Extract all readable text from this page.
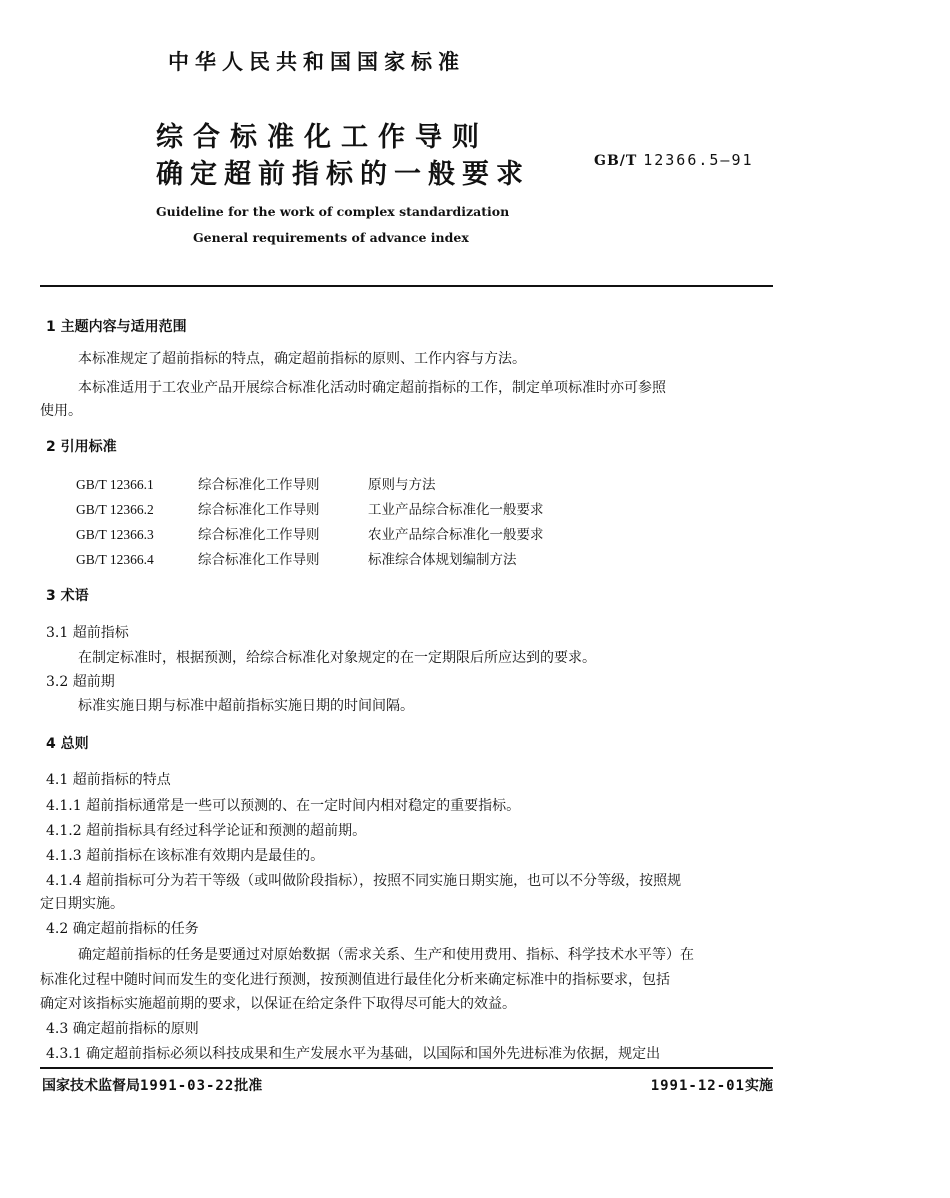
中华人民共和国国家标准
综合标准化工作导则
确定超前指标的一般要求	GB/T 12366.5—91
Guideline for the work of complex standardization
General requirements of advance index
1 主题内容与适用范围
本标准规定了超前指标的特点，确定超前指标的原则、工作内容与方法。
本标准适用于工农业产品开展综合标准化活动时确定超前指标的工作，制定单项标准时亦可参照
使用。
2 引用标准
GB/T 12366.1	综合标准化工作导则	原则与方法
GB/T 12366.2	综合标准化工作导则	工业产品综合标准化一般要求
GB/T 12366.3	综合标准化工作导则	农业产品综合标准化一般要求
GB/T 12366.4	综合标准化工作导则	标准综合体规划编制方法
3 术语
3.1 超前指标
在制定标准时，根据预测，给综合标准化对象规定的在一定期限后所应达到的要求。
3.2 超前期
标准实施日期与标准中超前指标实施日期的时间间隔。
4 总则
4.1 超前指标的特点
4.1.1 超前指标通常是一些可以预测的、在一定时间内相对稳定的重要指标。
4.1.2 超前指标具有经过科学论证和预测的超前期。
4.1.3 超前指标在该标准有效期内是最佳的。
4.1.4 超前指标可分为若干等级（或叫做阶段指标），按照不同实施日期实施，也可以不分等级，按照规
定日期实施。
4.2 确定超前指标的任务
确定超前指标的任务是要通过对原始数据（需求关系、生产和使用费用、指标、科学技术水平等）在
标准化过程中随时间而发生的变化进行预测，按预测值进行最佳化分析来确定标准中的指标要求，包括
确定对该指标实施超前期的要求，以保证在给定条件下取得尽可能大的效益。
4.3 确定超前指标的原则
4.3.1 确定超前指标必须以科技成果和生产发展水平为基础，以国际和国外先进标准为依据，规定出
国家技术监督局1991-03-22批准	1991-12-01实施
